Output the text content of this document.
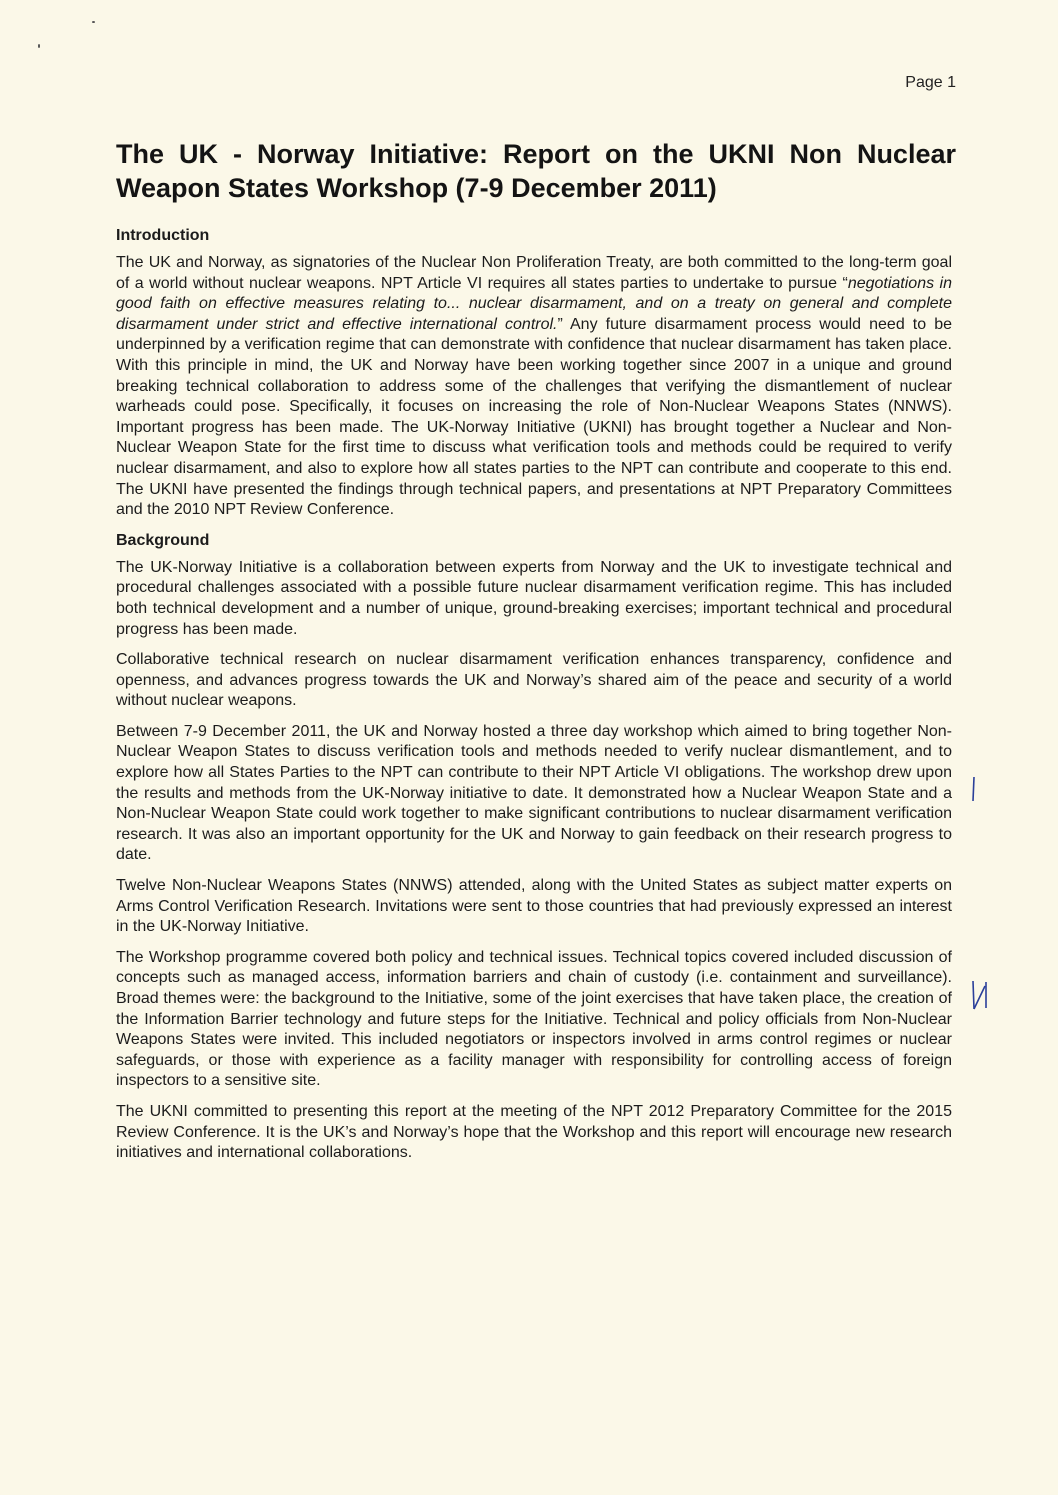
Page 1
The UK - Norway Initiative: Report on the UKNI Non Nuclear Weapon States Workshop (7-9 December 2011)
Introduction

The UK and Norway, as signatories of the Nuclear Non Proliferation Treaty, are both committed to the long-term goal of a world without nuclear weapons. NPT Article VI requires all states parties to undertake to pursue “negotiations in good faith on effective measures relating to... nuclear disarmament, and on a treaty on general and complete disarmament under strict and effective international control.” Any future disarmament process would need to be underpinned by a verification regime that can demonstrate with confidence that nuclear disarmament has taken place. With this principle in mind, the UK and Norway have been working together since 2007 in a unique and ground breaking technical collaboration to address some of the challenges that verifying the dismantlement of nuclear warheads could pose. Specifically, it focuses on increasing the role of Non-Nuclear Weapons States (NNWS). Important progress has been made. The UK-Norway Initiative (UKNI) has brought together a Nuclear and Non-Nuclear Weapon State for the first time to discuss what verification tools and methods could be required to verify nuclear disarmament, and also to explore how all states parties to the NPT can contribute and cooperate to this end. The UKNI have presented the findings through technical papers, and presentations at NPT Preparatory Committees and the 2010 NPT Review Conference.

Background

The UK-Norway Initiative is a collaboration between experts from Norway and the UK to investigate technical and procedural challenges associated with a possible future nuclear disarmament verification regime. This has included both technical development and a number of unique, ground-breaking exercises; important technical and procedural progress has been made.

Collaborative technical research on nuclear disarmament verification enhances transparency, confidence and openness, and advances progress towards the UK and Norway’s shared aim of the peace and security of a world without nuclear weapons.

Between 7-9 December 2011, the UK and Norway hosted a three day workshop which aimed to bring together Non-Nuclear Weapon States to discuss verification tools and methods needed to verify nuclear dismantlement, and to explore how all States Parties to the NPT can contribute to their NPT Article VI obligations. The workshop drew upon the results and methods from the UK-Norway initiative to date. It demonstrated how a Nuclear Weapon State and a Non-Nuclear Weapon State could work together to make significant contributions to nuclear disarmament verification research. It was also an important opportunity for the UK and Norway to gain feedback on their research progress to date.

Twelve Non-Nuclear Weapons States (NNWS) attended, along with the United States as subject matter experts on Arms Control Verification Research. Invitations were sent to those countries that had previously expressed an interest in the UK-Norway Initiative.

The Workshop programme covered both policy and technical issues. Technical topics covered included discussion of concepts such as managed access, information barriers and chain of custody (i.e. containment and surveillance). Broad themes were: the background to the Initiative, some of the joint exercises that have taken place, the creation of the Information Barrier technology and future steps for the Initiative. Technical and policy officials from Non-Nuclear Weapons States were invited. This included negotiators or inspectors involved in arms control regimes or nuclear safeguards, or those with experience as a facility manager with responsibility for controlling access of foreign inspectors to a sensitive site.

The UKNI committed to presenting this report at the meeting of the NPT 2012 Preparatory Committee for the 2015 Review Conference. It is the UK’s and Norway’s hope that the Workshop and this report will encourage new research initiatives and international collaborations.
